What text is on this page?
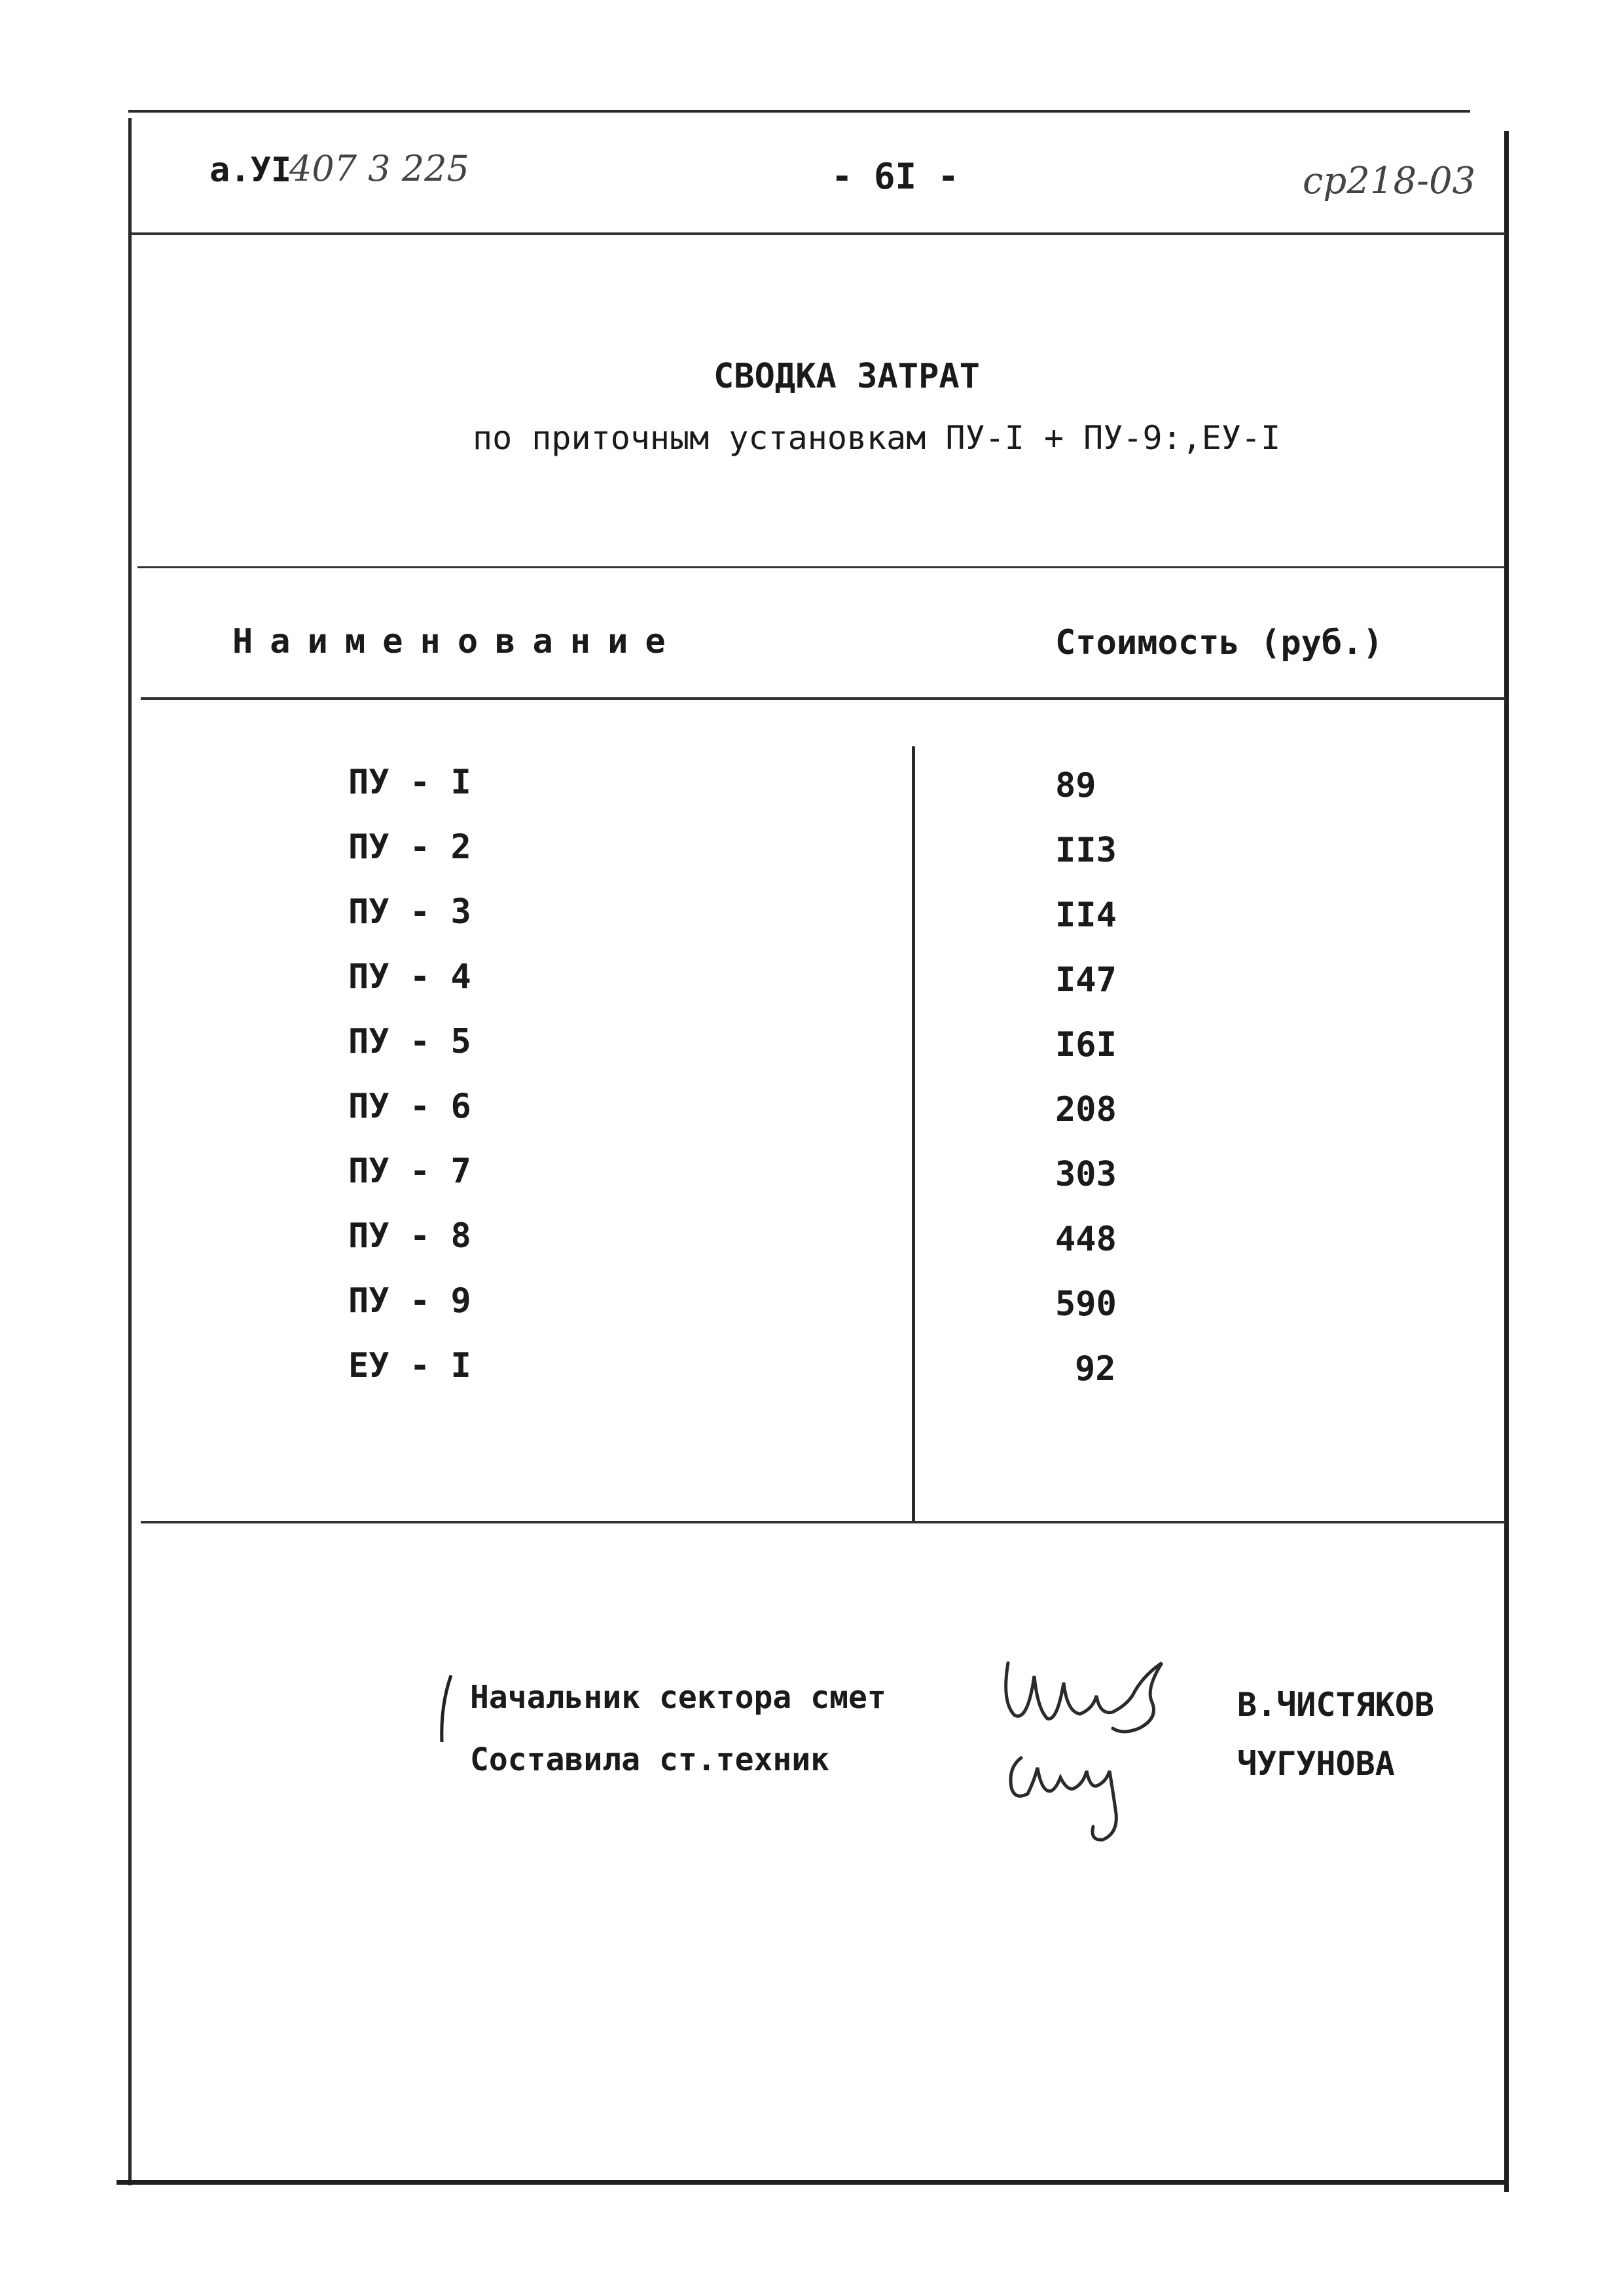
а.УI
407 3 225	- 6I -	ср218-03
СВОДКА ЗАТРАТ
по приточным установкам ПУ-I + ПУ-9:,ЕУ-I
Наименование	Стоимость (руб.)
ПУ - I	89
ПУ - 2	II3
ПУ - 3	II4
ПУ - 4	I47
ПУ - 5	I6I
ПУ - 6	208
ПУ - 7	303
ПУ - 8	448
ПУ - 9	590
ЕУ - I	92
Начальник сектора смет
Составила ст.техник
В.ЧИСТЯКОВ
ЧУГУНОВА
